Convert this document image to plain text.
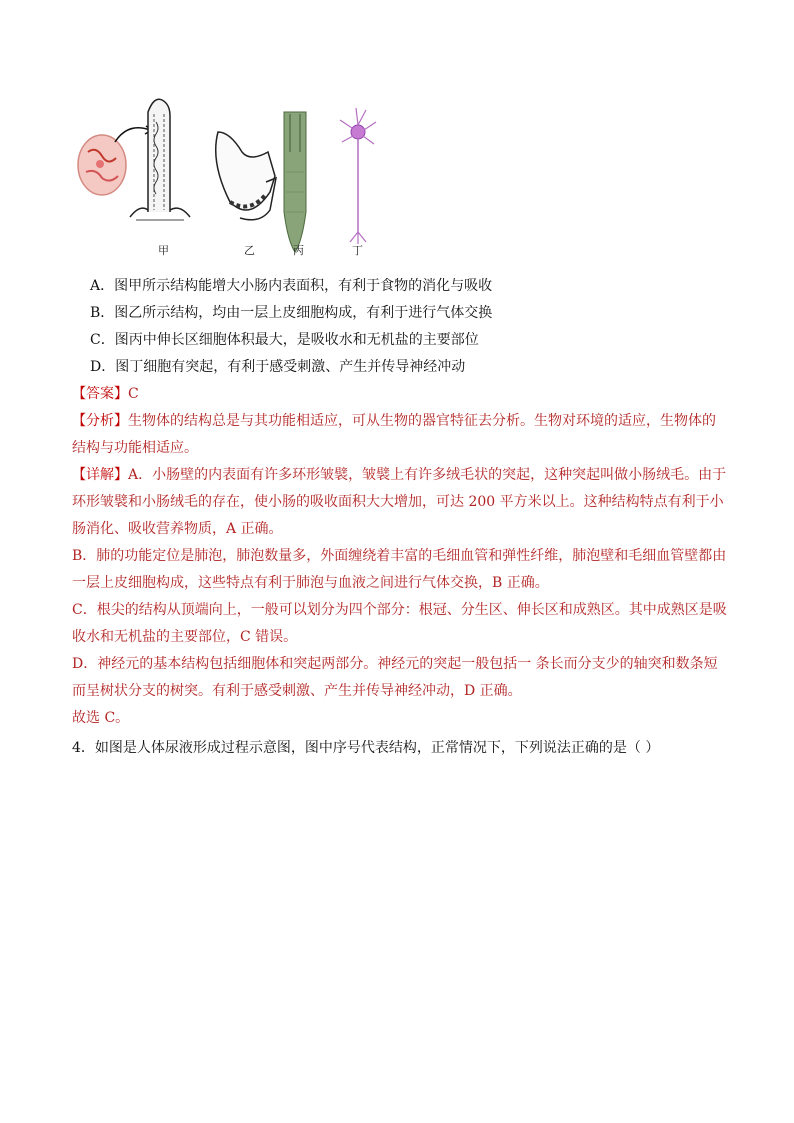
甲	乙	丙	丁
A．图甲所示结构能增大小肠内表面积，有利于食物的消化与吸收
B．图乙所示结构，均由一层上皮细胞构成，有利于进行气体交换
C．图丙中伸长区细胞体积最大，是吸收水和无机盐的主要部位
D．图丁细胞有突起，有利于感受刺激、产生并传导神经冲动
【答案】C
【分析】生物体的结构总是与其功能相适应，可从生物的器官特征去分析。生物对环境的适应，生物体的
结构与功能相适应。
【详解】A．小肠壁的内表面有许多环形皱襞，皱襞上有许多绒毛状的突起，这种突起叫做小肠绒毛。由于
环形皱襞和小肠绒毛的存在，使小肠的吸收面积大大增加，可达 200 平方米以上。这种结构特点有利于小
肠消化、吸收营养物质，A 正确。
B．肺的功能定位是肺泡，肺泡数量多，外面缠绕着丰富的毛细血管和弹性纤维，肺泡壁和毛细血管壁都由
一层上皮细胞构成，这些特点有利于肺泡与血液之间进行气体交换，B 正确。
C．根尖的结构从顶端向上，一般可以划分为四个部分：根冠、分生区、伸长区和成熟区。其中成熟区是吸
收水和无机盐的主要部位，C 错误。
D．神经元的基本结构包括细胞体和突起两部分。神经元的突起一般包括一 条长而分支少的轴突和数条短
而呈树状分支的树突。有利于感受刺激、产生并传导神经冲动，D 正确。
故选 C。
4．如图是人体尿液形成过程示意图，图中序号代表结构，正常情况下，下列说法正确的是（ ）
